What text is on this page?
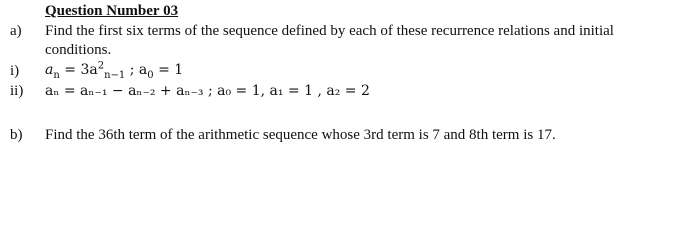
Question Number 03
a) Find the first six terms of the sequence defined by each of these recurrence relations and initial
conditions.
i) $a_n = 3a^2_{n-1}$ ; $a_0 = 1$
ii) aₙ = aₙ₋₁ − aₙ₋₂ + aₙ₋₃ ; a₀ = 1, a₁ = 1 , a₂ = 2
b) Find the 36th term of the arithmetic sequence whose 3rd term is 7 and 8th term is 17.
